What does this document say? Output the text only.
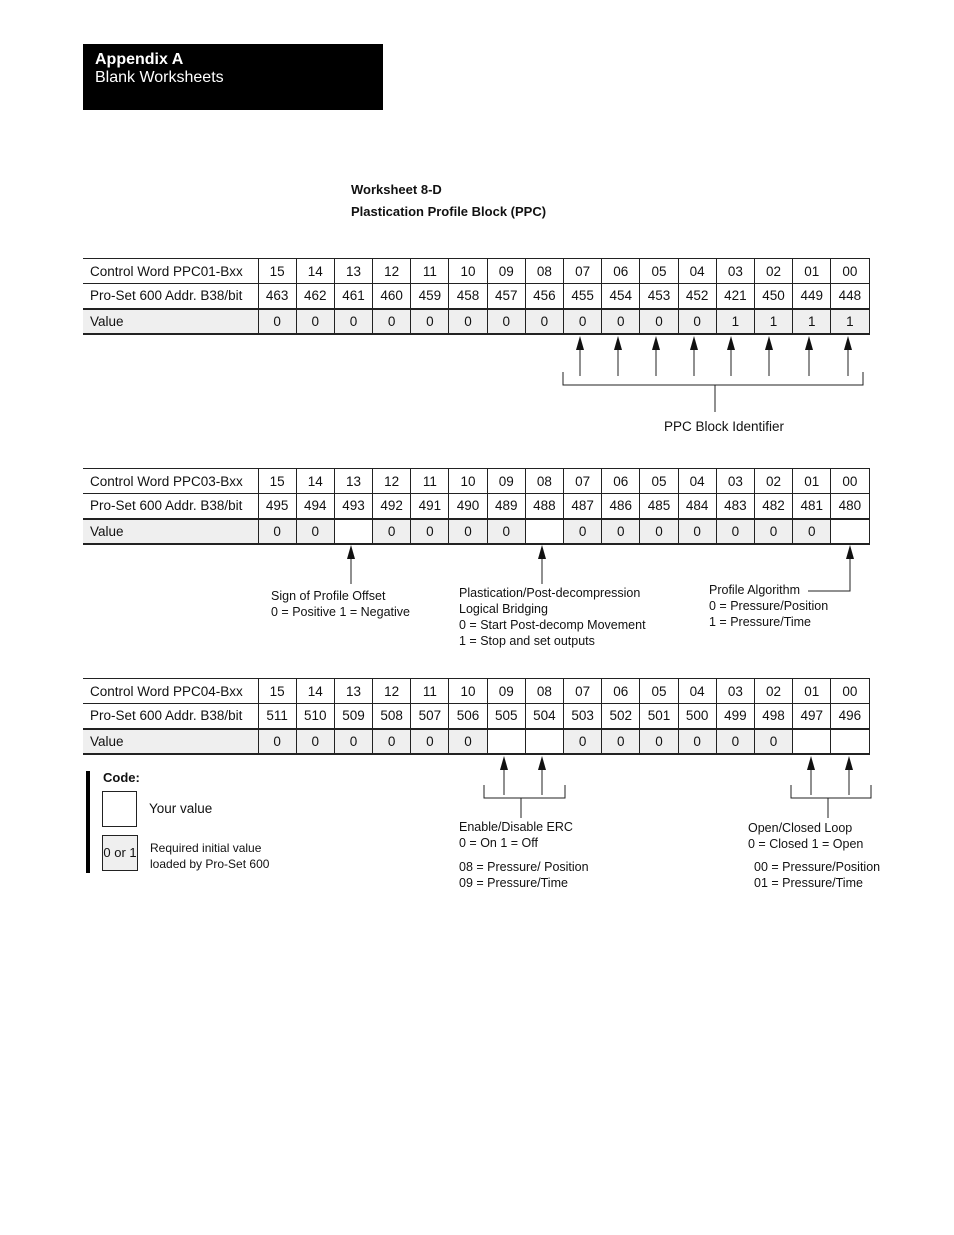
Appendix A
Blank Worksheets
Worksheet 8-D
Plastication Profile Block (PPC)
Control Word PPC01-Bxx	15	14	13	12	11	10	09	08	07	06	05	04	03	02	01	00
Pro-Set 600 Addr. B38/bit	463	462	461	460	459	458	457	456	455	454	453	452	421	450	449	448
Value	0	0	0	0	0	0	0	0	0	0	0	0	1	1	1	1
Control Word PPC03-Bxx	15	14	13	12	11	10	09	08	07	06	05	04	03	02	01	00
Pro-Set 600 Addr. B38/bit	495	494	493	492	491	490	489	488	487	486	485	484	483	482	481	480
Value	0	0		0	0	0	0		0	0	0	0	0	0	0	
Control Word PPC04-Bxx	15	14	13	12	11	10	09	08	07	06	05	04	03	02	01	00
Pro-Set 600 Addr. B38/bit	511	510	509	508	507	506	505	504	503	502	501	500	499	498	497	496
Value	0	0	0	0	0	0			0	0	0	0	0	0		
PPC Block Identifier
Sign of Profile Offset
0 = Positive 1 = Negative
Plastication/Post-decompression
Logical Bridging
0 = Start Post-decomp Movement
1 = Stop and set outputs
Profile Algorithm
0 = Pressure/Position
1 = Pressure/Time
Enable/Disable ERC
0 = On 1 = Off
08 = Pressure/ Position
09 = Pressure/Time
Open/Closed Loop
0 = Closed 1 = Open
00 = Pressure/Position
01 = Pressure/Time
Code:
Your value
0 or 1 Required initial value
loaded by Pro-Set 600
